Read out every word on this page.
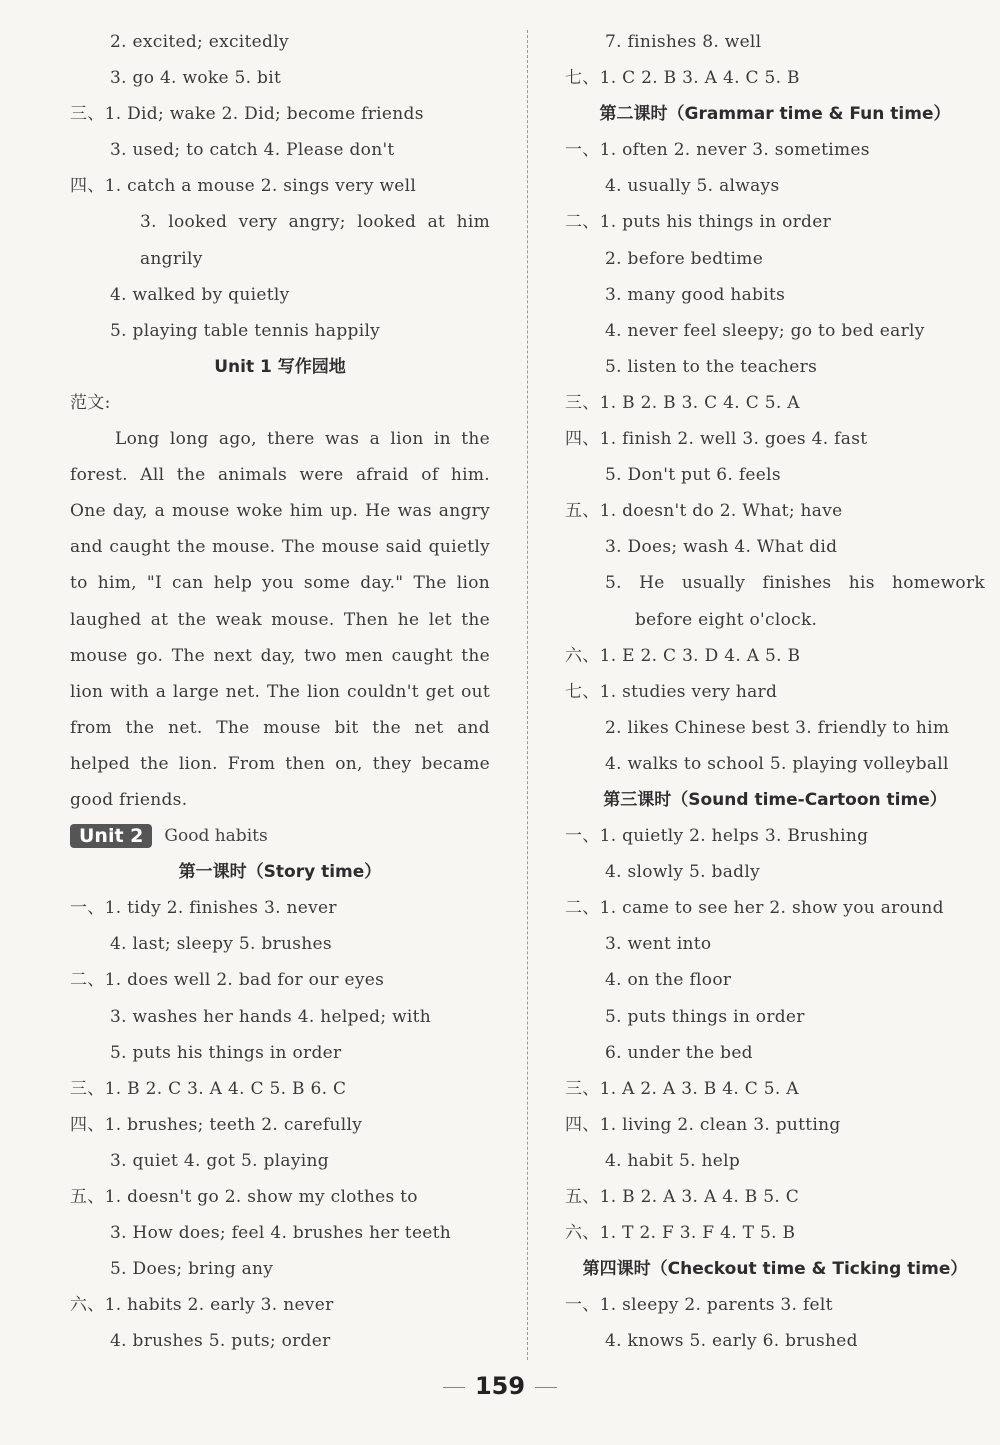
2. excited; excitedly
3. go 4. woke 5. bit
三、1. Did; wake 2. Did; become friends
3. used; to catch 4. Please don't
四、1. catch a mouse 2. sings very well
3. looked very angry; looked at him
angrily
4. walked by quietly
5. playing table tennis happily
Unit 1 写作园地
范文:
Long long ago, there was a lion in the
forest. All the animals were afraid of him.
One day, a mouse woke him up. He was angry
and caught the mouse. The mouse said quietly
to him, "I can help you some day." The lion
laughed at the weak mouse. Then he let the
mouse go. The next day, two men caught the
lion with a large net. The lion couldn't get out
from the net. The mouse bit the net and
helped the lion. From then on, they became
good friends.
Unit 2	Good habits
第一课时（Story time）
一、1. tidy 2. finishes 3. never
4. last; sleepy 5. brushes
二、1. does well 2. bad for our eyes
3. washes her hands 4. helped; with
5. puts his things in order
三、1. B 2. C 3. A 4. C 5. B 6. C
四、1. brushes; teeth 2. carefully
3. quiet 4. got 5. playing
五、1. doesn't go 2. show my clothes to
3. How does; feel 4. brushes her teeth
5. Does; bring any
六、1. habits 2. early 3. never
4. brushes 5. puts; order
7. finishes 8. well
七、1. C 2. B 3. A 4. C 5. B
第二课时（Grammar time & Fun time）
一、1. often 2. never 3. sometimes
4. usually 5. always
二、1. puts his things in order
2. before bedtime
3. many good habits
4. never feel sleepy; go to bed early
5. listen to the teachers
三、1. B 2. B 3. C 4. C 5. A
四、1. finish 2. well 3. goes 4. fast
5. Don't put 6. feels
五、1. doesn't do 2. What; have
3. Does; wash 4. What did
5. He usually finishes his homework
before eight o'clock.
六、1. E 2. C 3. D 4. A 5. B
七、1. studies very hard
2. likes Chinese best 3. friendly to him
4. walks to school 5. playing volleyball
第三课时（Sound time-Cartoon time）
一、1. quietly 2. helps 3. Brushing
4. slowly 5. badly
二、1. came to see her 2. show you around
3. went into
4. on the floor
5. puts things in order
6. under the bed
三、1. A 2. A 3. B 4. C 5. A
四、1. living 2. clean 3. putting
4. habit 5. help
五、1. B 2. A 3. A 4. B 5. C
六、1. T 2. F 3. F 4. T 5. B
第四课时（Checkout time & Ticking time）
一、1. sleepy 2. parents 3. felt
4. knows 5. early 6. brushed
159
